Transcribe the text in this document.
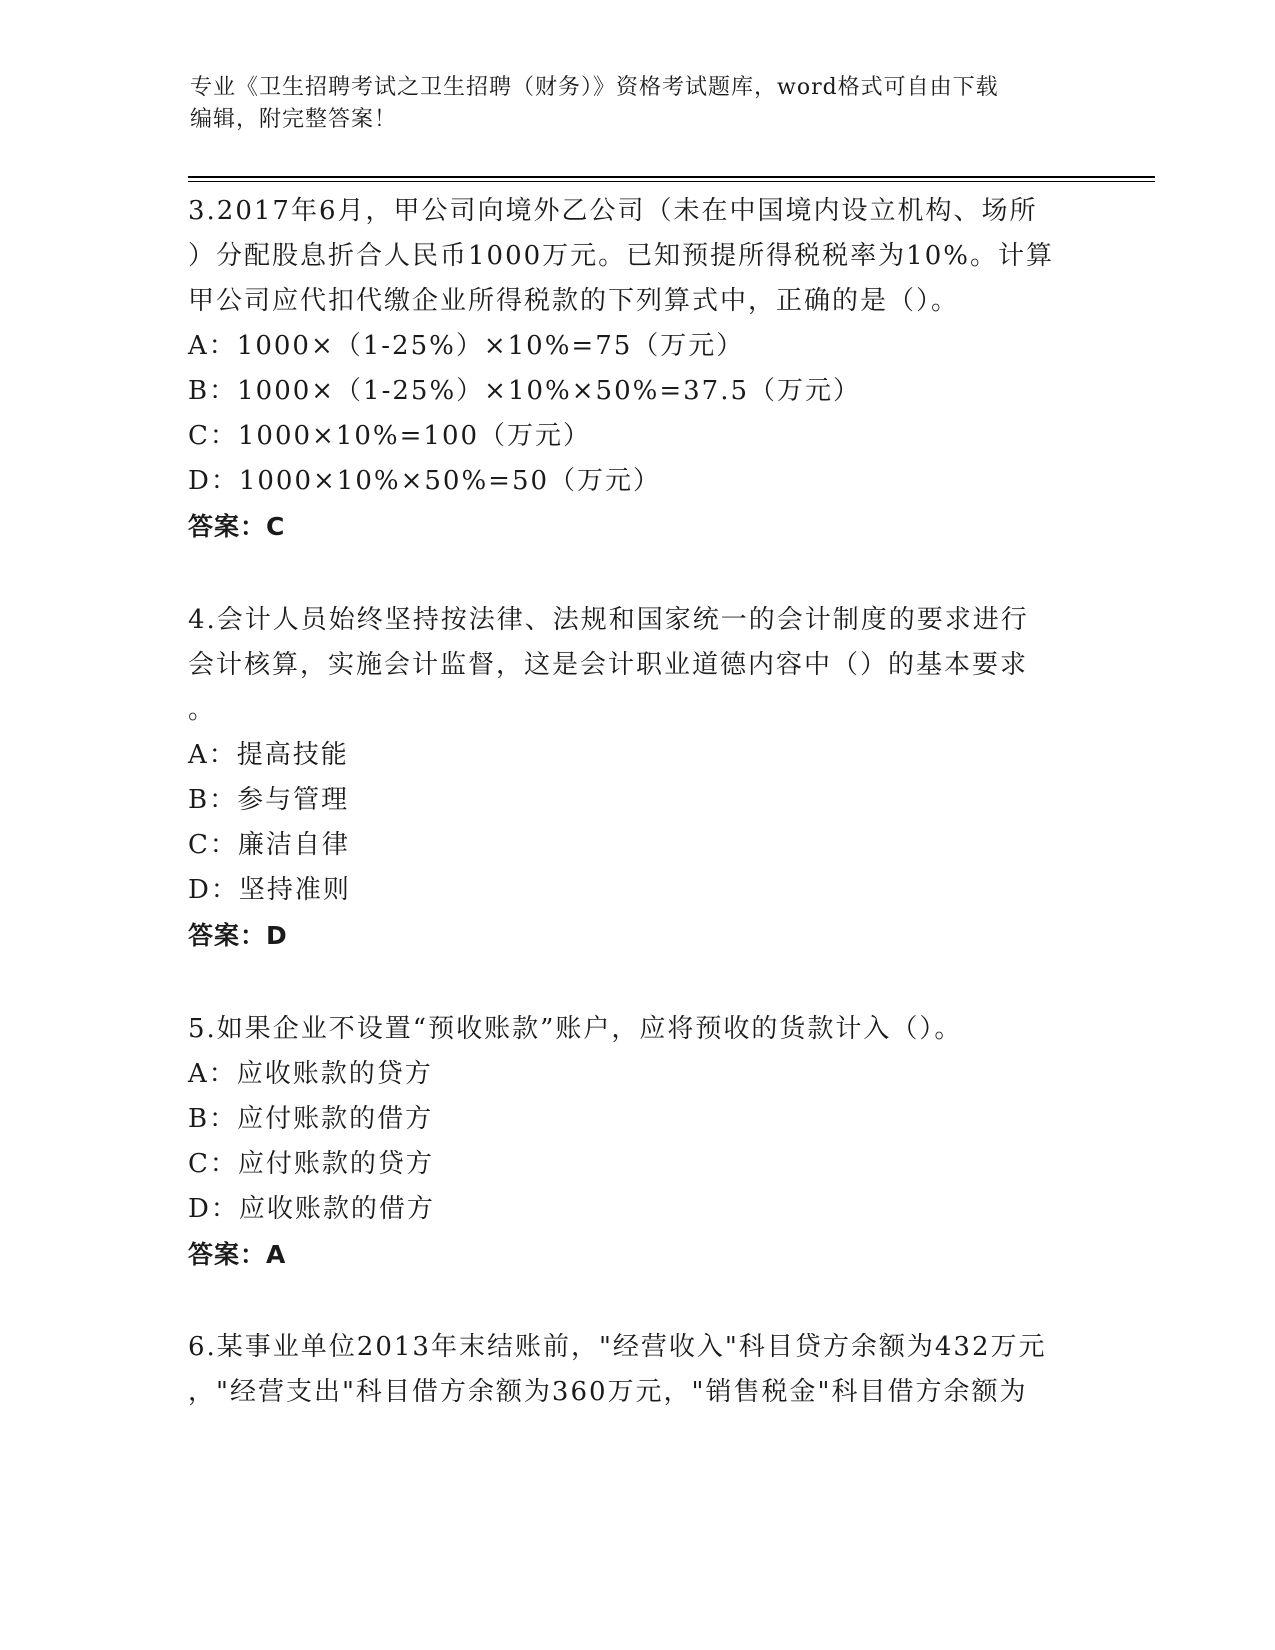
专业《卫生招聘考试之卫生招聘（财务）》资格考试题库，word格式可自由下载
编辑，附完整答案！

3.2017年6月，甲公司向境外乙公司（未在中国境内设立机构、场所

）分配股息折合人民币1000万元。已知预提所得税税率为10%。计算

甲公司应代扣代缴企业所得税款的下列算式中，正确的是（）。

A：1000×（1-25%）×10%=75（万元）

B：1000×（1-25%）×10%×50%=37.5（万元）

C：1000×10%=100（万元）

D：1000×10%×50%=50（万元）

答案：C

4.会计人员始终坚持按法律、法规和国家统一的会计制度的要求进行

会计核算，实施会计监督，这是会计职业道德内容中（）的基本要求

。

A：提高技能

B：参与管理

C：廉洁自律

D：坚持准则

答案：D

5.如果企业不设置“预收账款”账户，应将预收的货款计入（）。

A：应收账款的贷方

B：应付账款的借方

C：应付账款的贷方

D：应收账款的借方

答案：A

6.某事业单位2013年末结账前，"经营收入"科目贷方余额为432万元

，"经营支出"科目借方余额为360万元，"销售税金"科目借方余额为
